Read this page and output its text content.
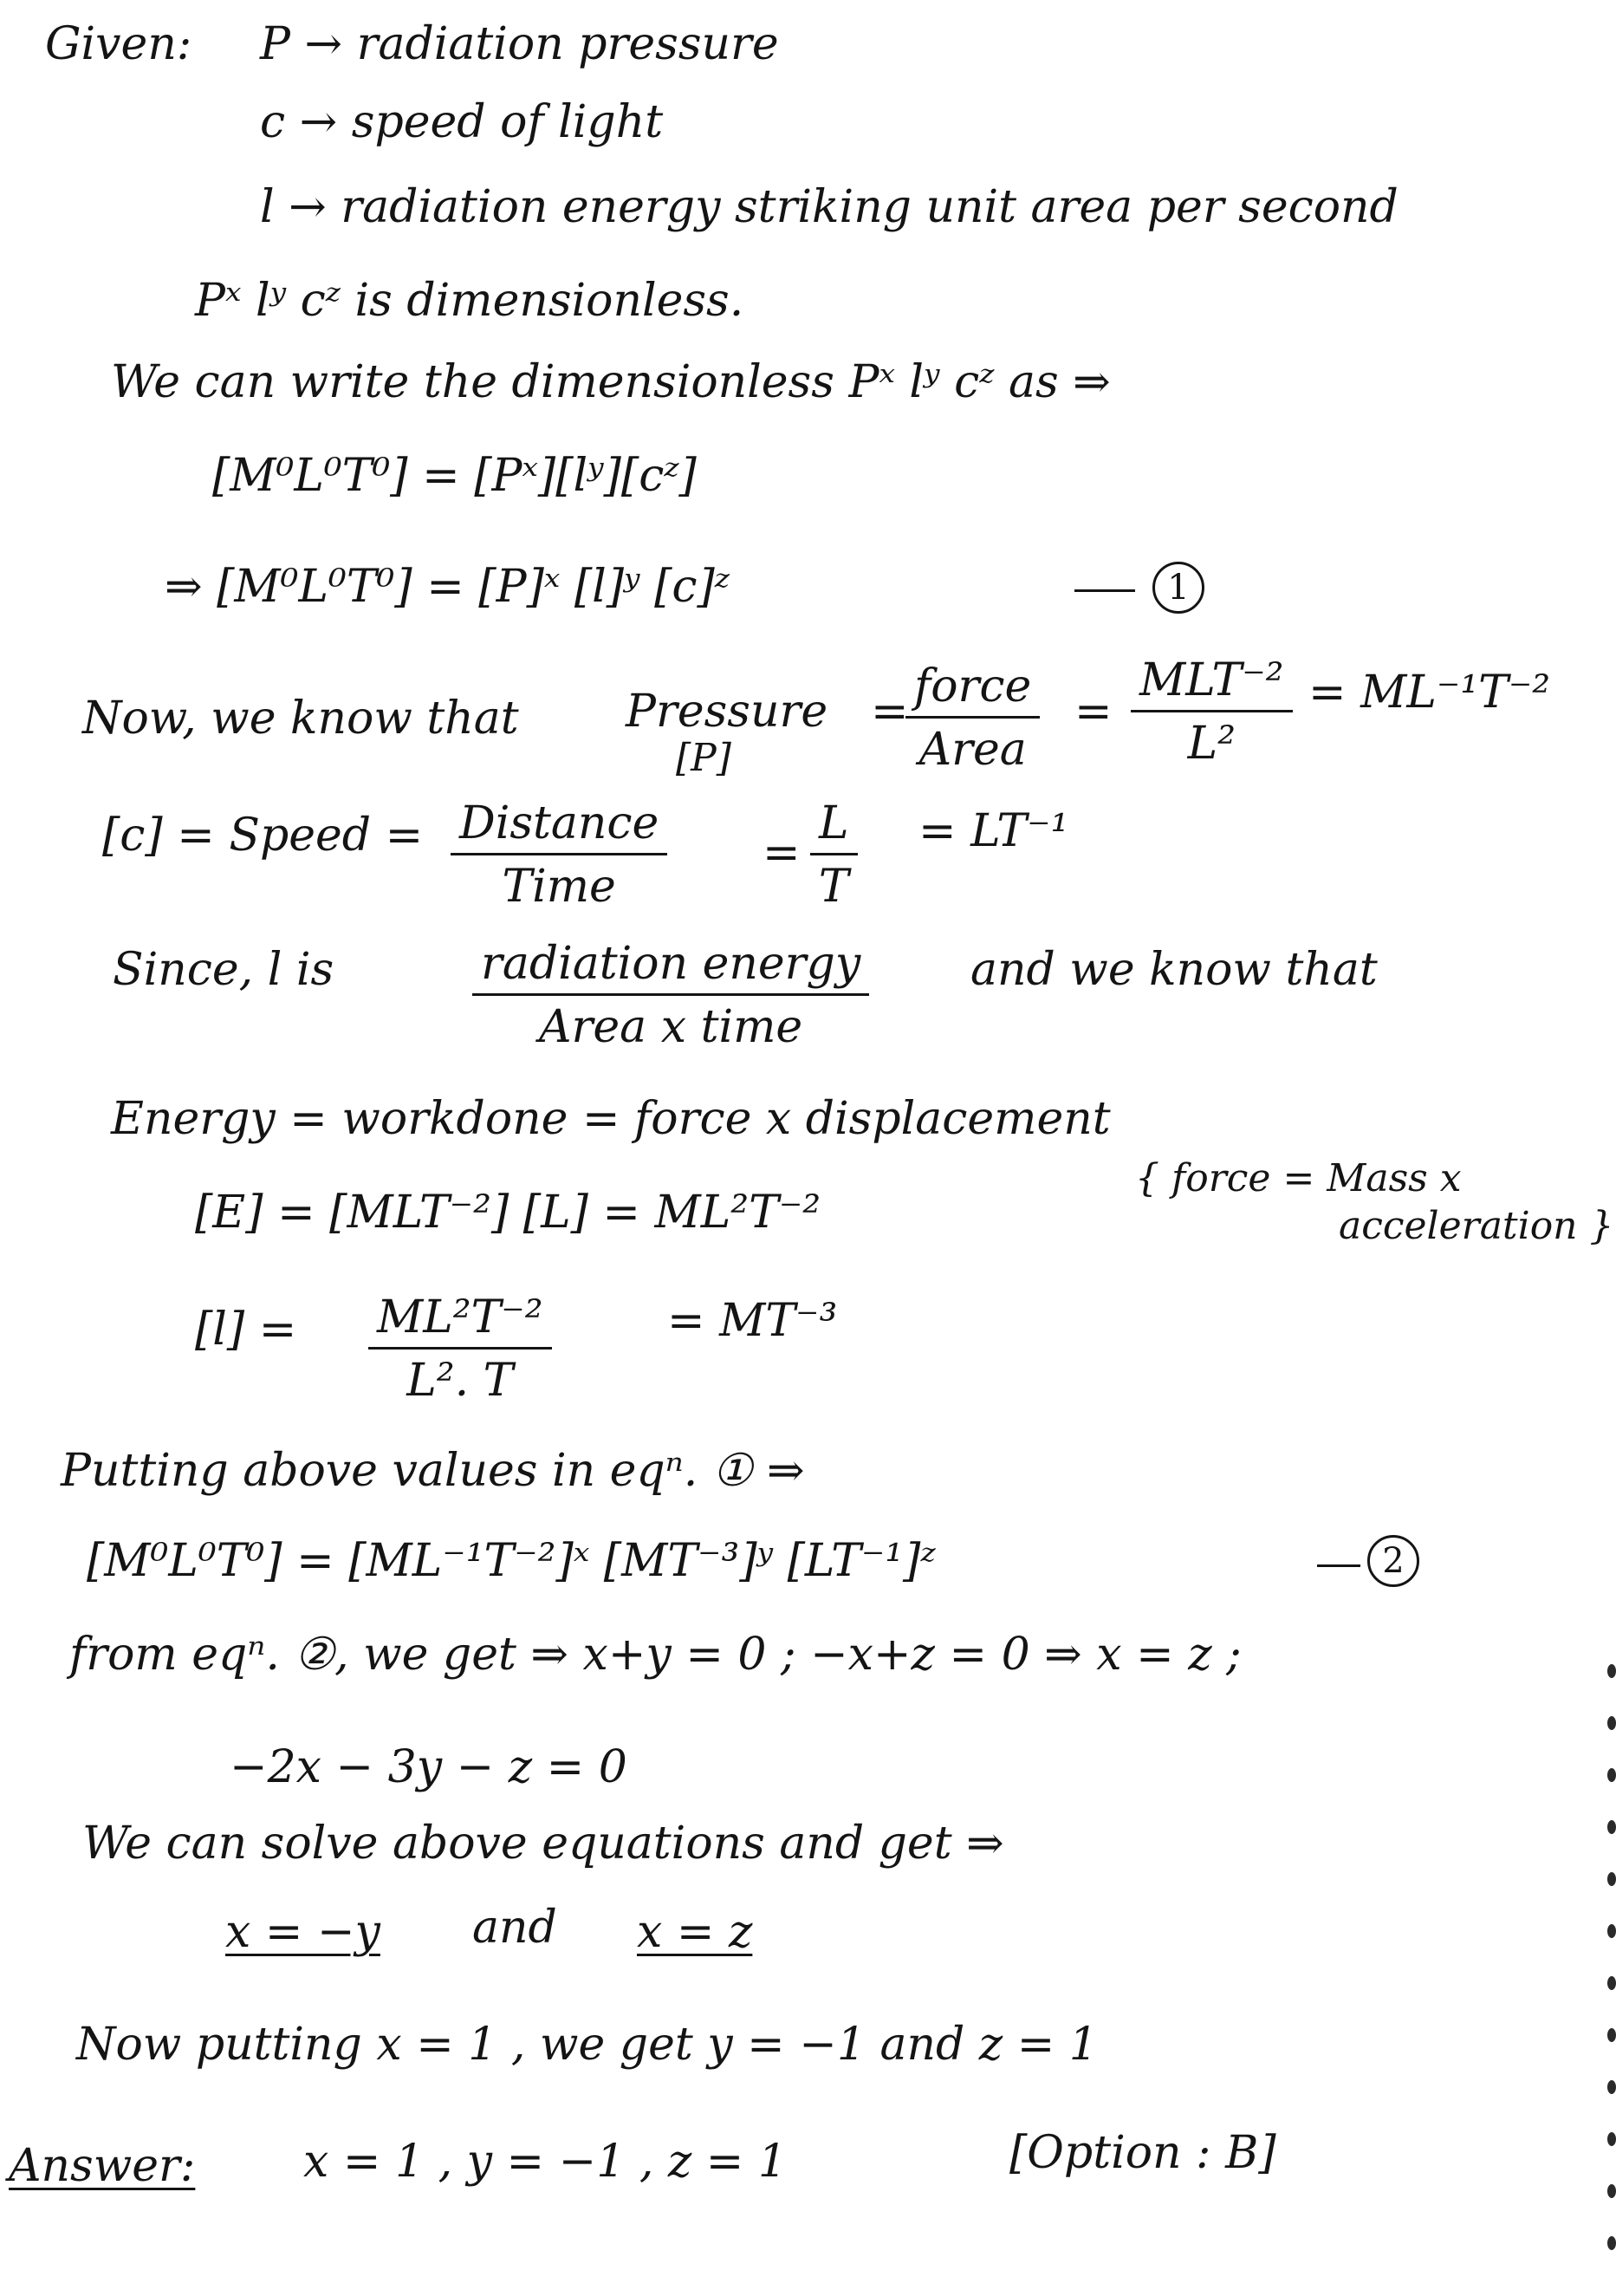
Given: P → radiation pressure
c → speed of light
l → radiation energy striking unit area per second
Pˣ lʸ cᶻ is dimensionless.
We can write the dimensionless Pˣ lʸ cᶻ as ⇒
[M⁰L⁰T⁰] = [Pˣ][lʸ][cᶻ]
⇒ [M⁰L⁰T⁰] = [P]ˣ [l]ʸ [c]ᶻ	1
Now, we know that Pressure
[P]
= force
Area
=
MLT⁻²
L²
= ML⁻¹T⁻²
[c] = Speed = Distance
Time
= $\frac{L}{T} = LT^{-1}$
Since, l is	radiation energy
Area x time
and we know that
Energy = workdone = force x displacement
[E] = [MLT⁻²] [L] = ML²T⁻²
{ force = Mass x
acceleration }
$[l] = \frac{\text{ML²T⁻²}}{\text{L². T}}$	= MT⁻³
Putting above values in eqⁿ. ① ⇒
[M⁰L⁰T⁰] = [ML⁻¹T⁻²]ˣ [MT⁻³]ʸ [LT⁻¹]ᶻ	2
from eqⁿ. ②, we get ⇒ x+y = 0 ; −x+z = 0 ⇒ x = z ;
−2x − 3y − z = 0
We can solve above equations and get ⇒
x = −y and x = z
Now putting x = 1 , we get y = −1 and z = 1
Answer: x = 1 , y = −1 , z = 1	[Option : B]
